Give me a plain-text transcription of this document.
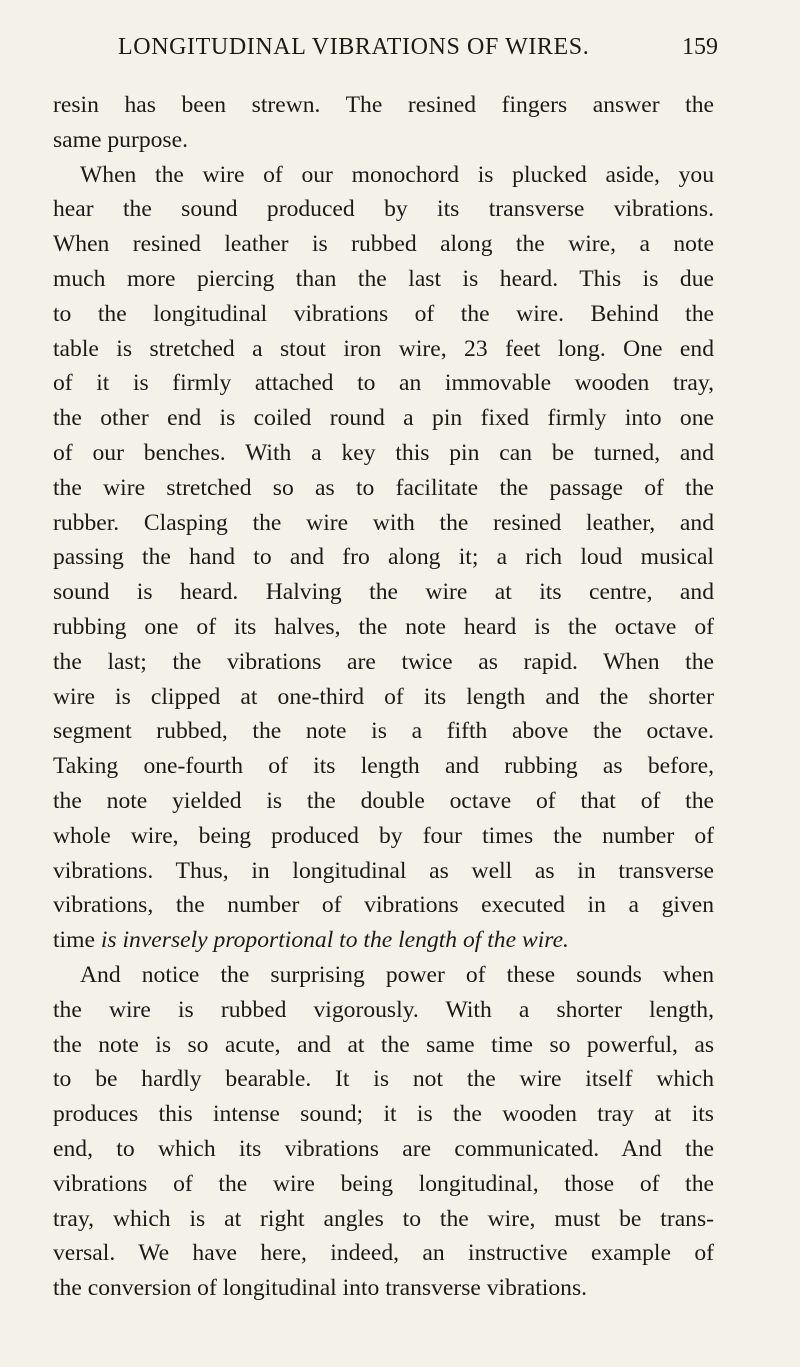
LONGITUDINAL VIBRATIONS OF WIRES.	159
resin has been strewn. The resined fingers answer the
same purpose.
When the wire of our monochord is plucked aside, you
hear the sound produced by its transverse vibrations.
When resined leather is rubbed along the wire, a note
much more piercing than the last is heard. This is due
to the longitudinal vibrations of the wire. Behind the
table is stretched a stout iron wire, 23 feet long. One end
of it is firmly attached to an immovable wooden tray,
the other end is coiled round a pin fixed firmly into one
of our benches. With a key this pin can be turned, and
the wire stretched so as to facilitate the passage of the
rubber. Clasping the wire with the resined leather, and
passing the hand to and fro along it; a rich loud musical
sound is heard. Halving the wire at its centre, and
rubbing one of its halves, the note heard is the octave of
the last; the vibrations are twice as rapid. When the
wire is clipped at one-third of its length and the shorter
segment rubbed, the note is a fifth above the octave.
Taking one-fourth of its length and rubbing as before,
the note yielded is the double octave of that of the
whole wire, being produced by four times the number of
vibrations. Thus, in longitudinal as well as in transverse
vibrations, the number of vibrations executed in a given
time is inversely proportional to the length of the wire.
And notice the surprising power of these sounds when
the wire is rubbed vigorously. With a shorter length,
the note is so acute, and at the same time so powerful, as
to be hardly bearable. It is not the wire itself which
produces this intense sound; it is the wooden tray at its
end, to which its vibrations are communicated. And the
vibrations of the wire being longitudinal, those of the
tray, which is at right angles to the wire, must be trans-
versal. We have here, indeed, an instructive example of
the conversion of longitudinal into transverse vibrations.
